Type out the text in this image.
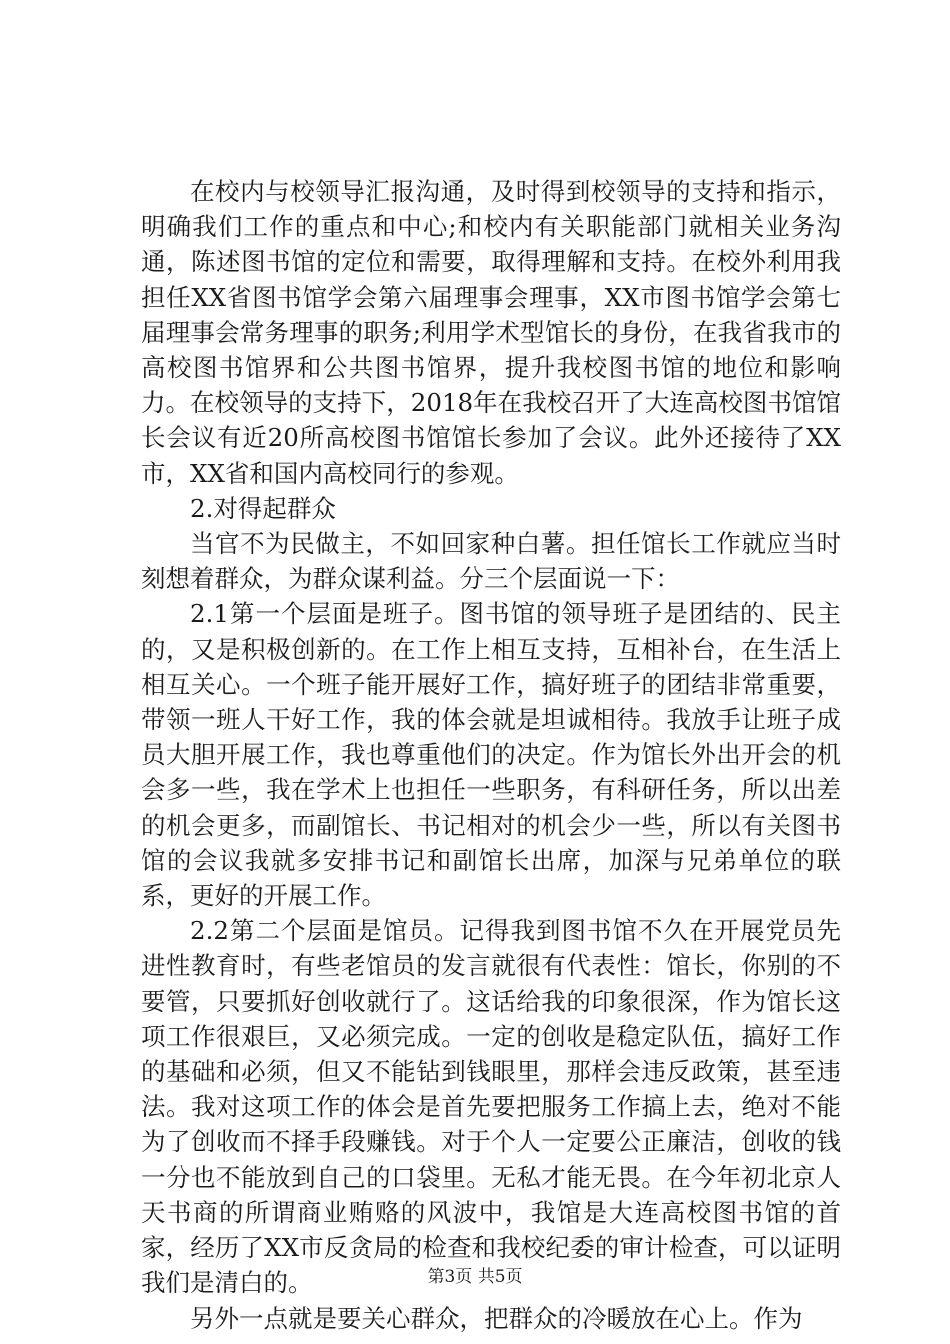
在校内与校领导汇报沟通，及时得到校领导的支持和指示，明确我们工作的重点和中心;和校内有关职能部门就相关业务沟通，陈述图书馆的定位和需要，取得理解和支持。在校外利用我担任XX省图书馆学会第六届理事会理事，XX市图书馆学会第七届理事会常务理事的职务;利用学术型馆长的身份，在我省我市的高校图书馆界和公共图书馆界，提升我校图书馆的地位和影响力。在校领导的支持下，2018年在我校召开了大连高校图书馆馆长会议有近20所高校图书馆馆长参加了会议。此外还接待了XX市，XX省和国内高校同行的参观。

2.对得起群众

当官不为民做主，不如回家种白薯。担任馆长工作就应当时刻想着群众，为群众谋利益。分三个层面说一下：

2.1第一个层面是班子。图书馆的领导班子是团结的、民主的，又是积极创新的。在工作上相互支持，互相补台，在生活上相互关心。一个班子能开展好工作，搞好班子的团结非常重要，带领一班人干好工作，我的体会就是坦诚相待。我放手让班子成员大胆开展工作，我也尊重他们的决定。作为馆长外出开会的机会多一些，我在学术上也担任一些职务，有科研任务，所以出差的机会更多，而副馆长、书记相对的机会少一些，所以有关图书馆的会议我就多安排书记和副馆长出席，加深与兄弟单位的联系，更好的开展工作。

2.2第二个层面是馆员。记得我到图书馆不久在开展党员先进性教育时，有些老馆员的发言就很有代表性：馆长，你别的不要管，只要抓好创收就行了。这话给我的印象很深，作为馆长这项工作很艰巨，又必须完成。一定的创收是稳定队伍，搞好工作的基础和必须，但又不能钻到钱眼里，那样会违反政策，甚至违法。我对这项工作的体会是首先要把服务工作搞上去，绝对不能为了创收而不择手段赚钱。对于个人一定要公正廉洁，创收的钱一分也不能放到自己的口袋里。无私才能无畏。在今年初北京人天书商的所谓商业贿赂的风波中，我馆是大连高校图书馆的首家，经历了XX市反贪局的检查和我校纪委的审计检查，可以证明我们是清白的。

另外一点就是要关心群众，把群众的冷暖放在心上。作为

第3页 共5页
